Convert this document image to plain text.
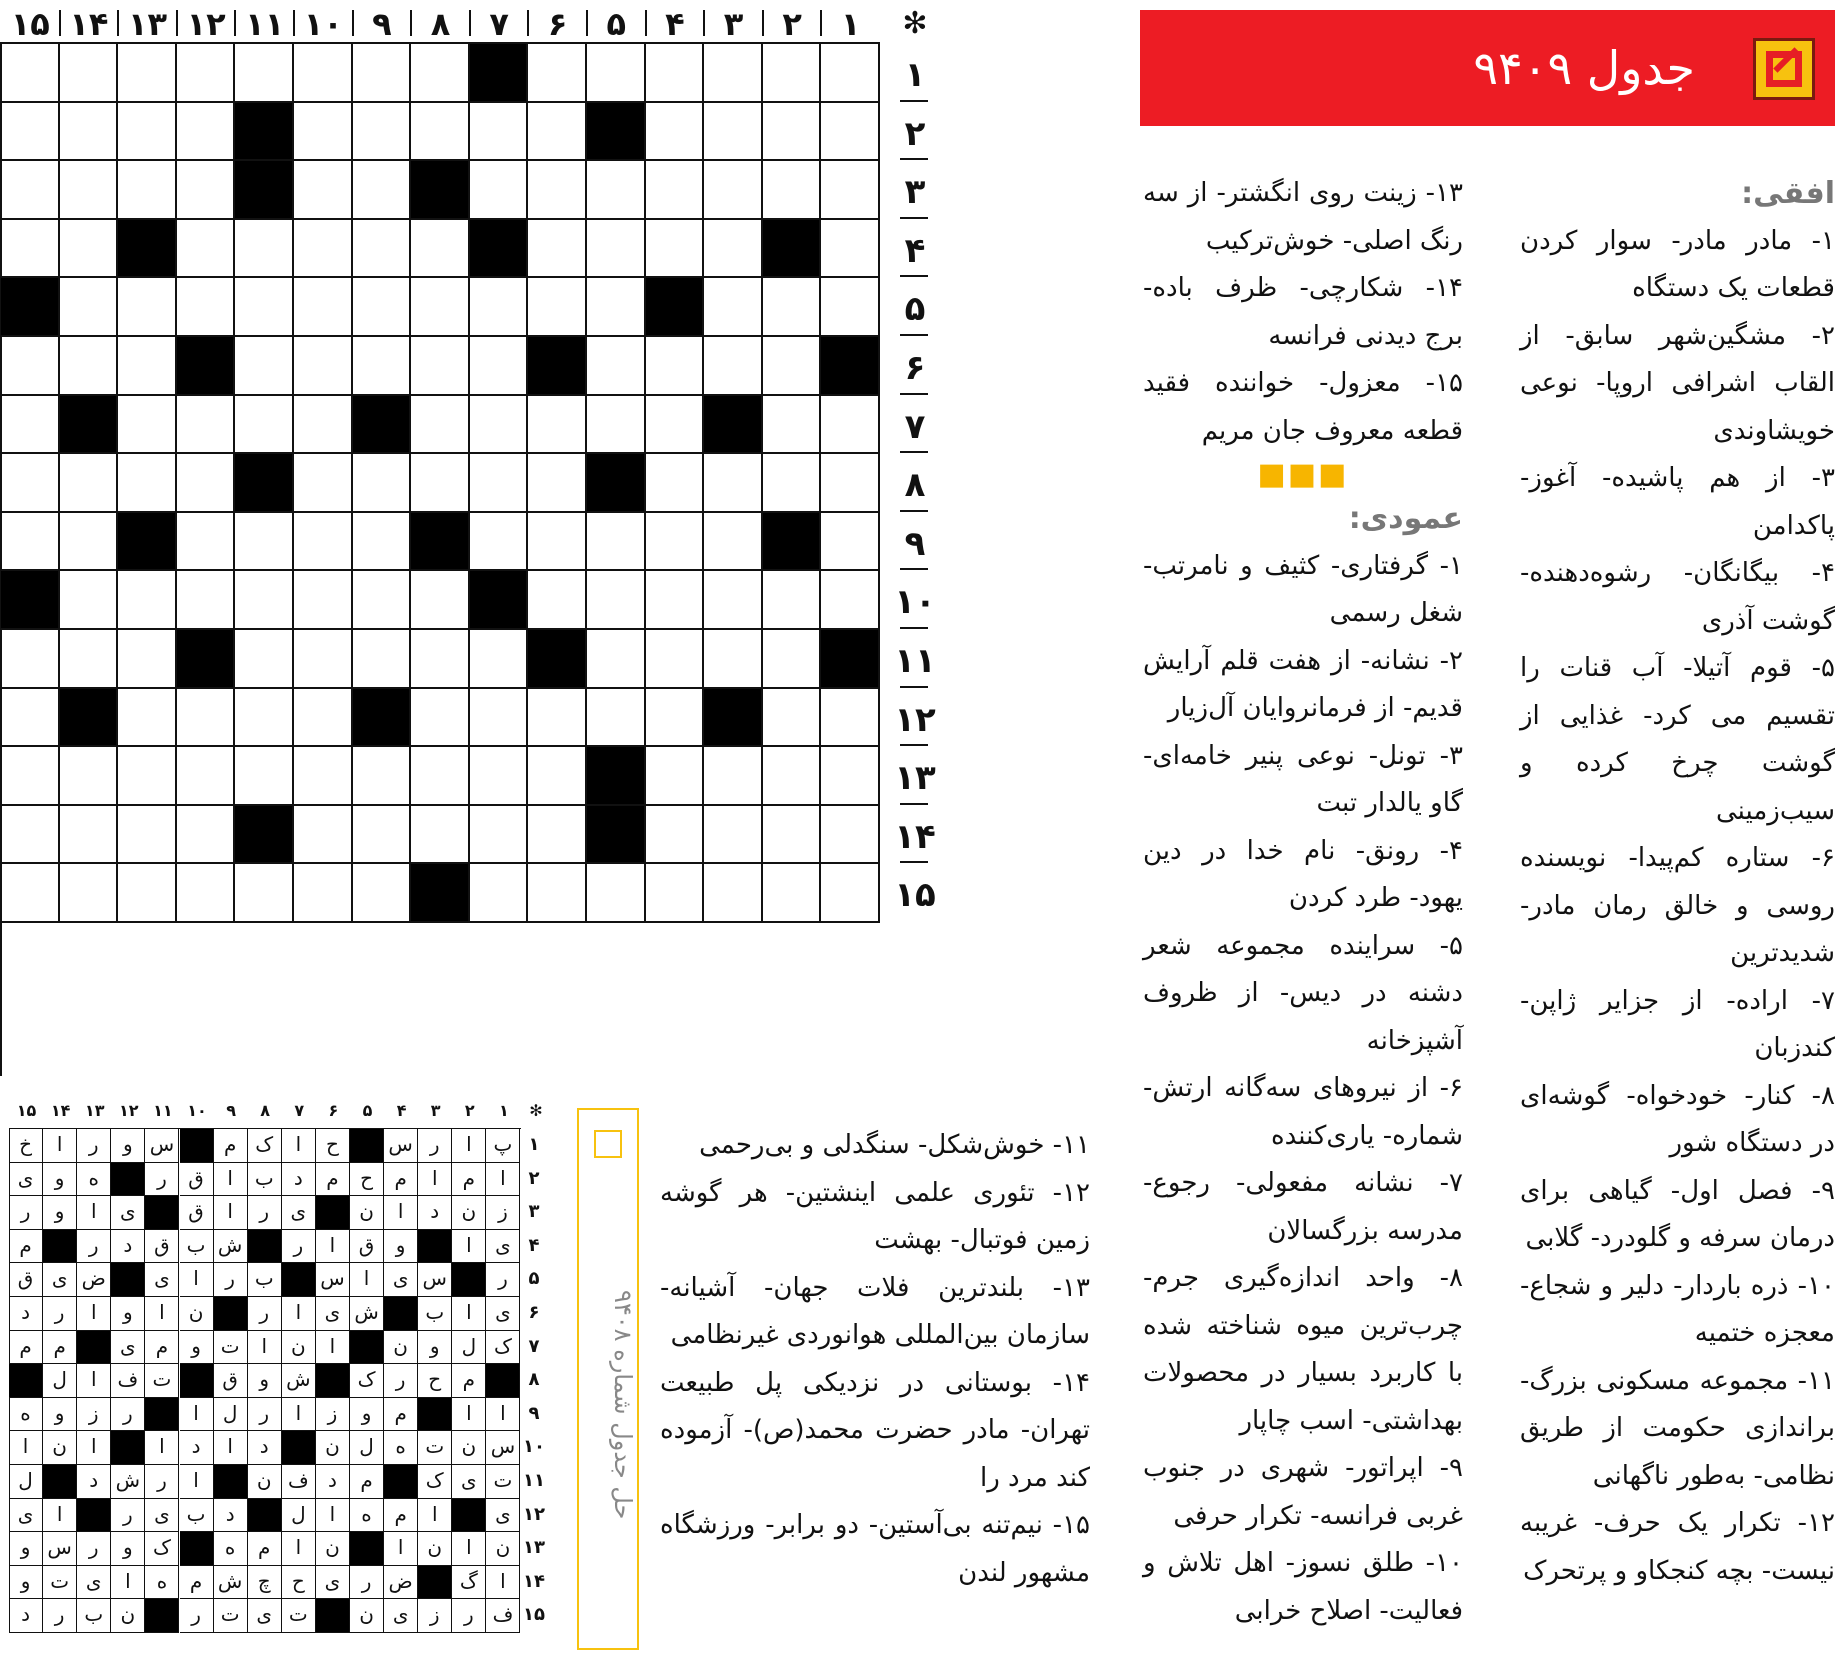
۱
۲
۳
۴
۵
۶
۷
۸
۹
۱۰
۱۱
۱۲
۱۳
۱۴
۱۵	✻
۱
۲
۳
۴
۵
۶
۷
۸
۹
۱۰
۱۱
۱۲
۱۳
۱۴
۱۵
جدول ۹۴۰۹

افقی:

۱- مادر مادر- سوار کردن قطعات یک دستگاه

۲- مشگین‌شهر سابق- از القاب اشرافی اروپا- نوعی خویشاوندی

۳- از هم پاشیده- آغوز- پاکدامن

۴- بیگانگان- رشوه‌دهنده- گوشت آذری

۵- قوم آتیلا- آب قنات را تقسیم می کرد- غذایی از گوشت چرخ کرده و سیب‌زمینی

۶- ستاره کم‌پیدا- نویسنده روسی و خالق رمان مادر- شدیدترین

۷- اراده- از جزایر ژاپن- کندزبان

۸- کنار- خودخواه- گوشه‌ای در دستگاه شور

۹- فصل اول- گیاهی برای درمان سرفه و گلودرد- گلابی

۱۰- ذره باردار- دلیر و شجاع- معجزه ختمیه

۱۱- مجموعه مسکونی بزرگ- براندازی حکومت از طریق نظامی- به‌طور ناگهانی

۱۲- تکرار یک حرف- غریبه نیست- بچه کنجکاو و پرتحرک

۱۳- زینت روی انگشتر- از سه رنگ اصلی- خوش‌ترکیب

۱۴- شکارچی- ظرف باده- برج دیدنی فرانسه

۱۵- معزول- خواننده فقید قطعه معروف جان مریم

■■■

عمودی:

۱- گرفتاری- کثیف و نامرتب- شغل رسمی

۲- نشانه- از هفت قلم آرایش قدیم- از فرمانروایان آل‌زیار

۳- تونل- نوعی پنیر خامه‌ای- گاو یالدار تبت

۴- رونق- نام خدا در دین یهود- طرد کردن

۵- سراینده مجموعه شعر دشنه در دیس- از ظروف آشپزخانه

۶- از نیروهای سه‌گانه ارتش- شماره- یاری‌کننده

۷- نشانه مفعولی- رجوع- مدرسه بزرگسالان

۸- واحد اندازه‌گیری جرم- چرب‌ترین میوه شناخته شده با کاربرد بسیار در محصولات بهداشتی- اسب چاپار

۹- اپراتور- شهری در جنوب غربی فرانسه- تکرار حرفی

۱۰- طلق نسوز- اهل تلاش و فعالیت- اصلاح خرابی

۱۱- خوش‌شکل- سنگدلی و بی‌رحمی

۱۲- تئوری علمی اینشتین- هر گوشه زمین فوتبال- بهشت

۱۳- بلندترین فلات جهان- آشیانه- سازمان بین‌المللی هوانوردی غیرنظامی

۱۴- بوستانی در نزدیکی پل طبیعت تهران- مادر حضرت محمد(ص)- آزموده کند مرد را

۱۵- نیم‌تنه بی‌آستین- دو برابر- ورزشگاه مشهور لندن

۱
۲
۳
۴
۵
۶
۷
۸
۹
۱۰
۱۱
۱۲
۱۳
۱۴
۱۵	✻
۱
۲
۳
۴
۵
۶
۷
۸
۹
۱۰
۱۱
۱۲
۱۳
۱۴
۱۵
پ
ا
ر
س
ح
ا
ک
م
س
و
ر
ا
خ
ا
م
ا
م
ح
م
د
ب
ا
ق
ر
ه
و
ی
ز
ن
د
ا
ن
ی
ر
ا
ق
ی
ا
و
ر
ی
ا
و
ق
ا
ر
ش
ب
ق
د
ر
م
ر
س
ی
ا
س
ب
ر
ا
ی
ض
ی
ق
ی
ا
ب
ش
ی
ا
ر
ن
ا
و
ا
ر
د
ک
ل
و
ن
ا
ن
ا
ت
و
م
ی
م
م
م
ح
ر
ک
ش
و
ق
ت
ف
ا
ل
ا
ا
م
و
ز
ا
ر
ل
ا
ر
ز
و
ه
س
ن
ت
ه
ل
ن
د
ا
د
ا
ا
ن
ا
ت
ی
ک
م
د
ف
ن
ا
ر
ش
د
ل
ی
ا
م
ه
ا
ل
د
ب
ی
ر
ا
ی
ن
ا
ن
ا
ن
ا
م
ه
ک
و
ر
س
و
ا
گ
ض
ر
ی
ح
چ
ش
م
ه
ا
ی
ت
و
ف
ر
ز
ی
ن
ت
ی
ت
ر
ن
ب
ر
د
حل جدول شماره ۹۴۰۸
